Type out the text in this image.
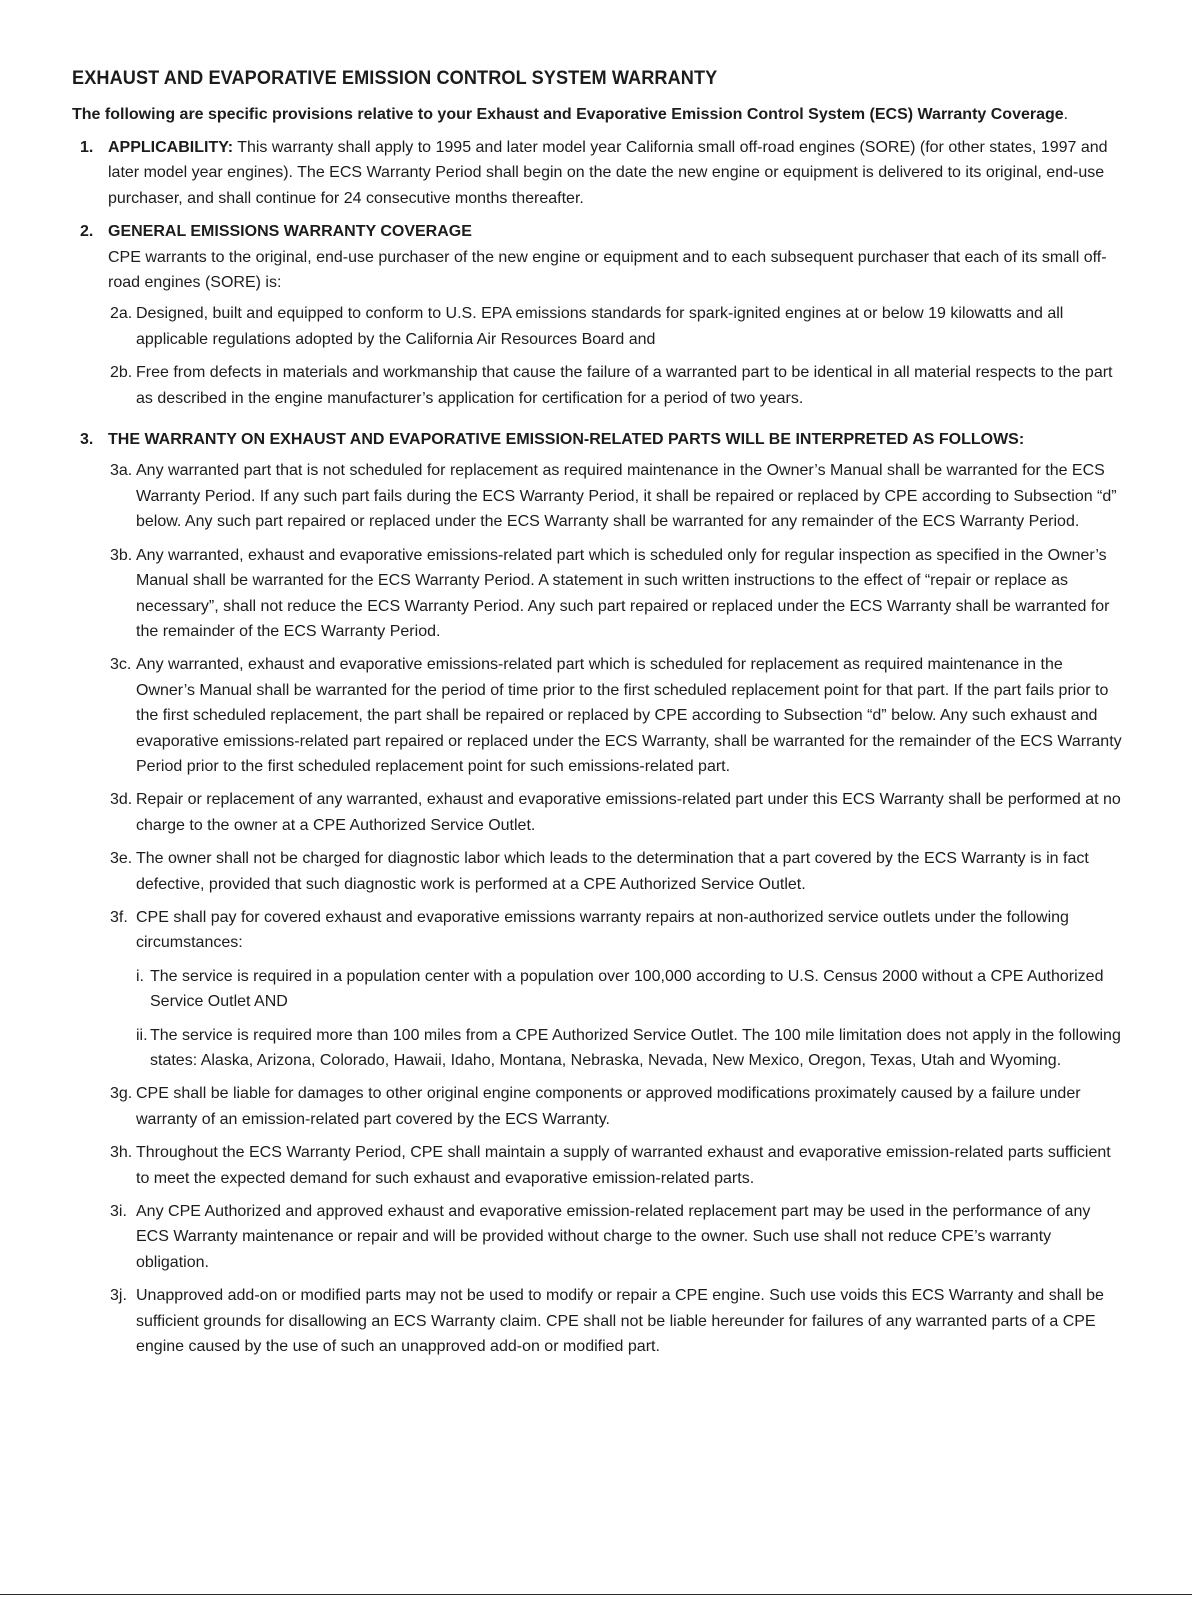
EXHAUST AND EVAPORATIVE EMISSION CONTROL SYSTEM WARRANTY
The following are specific provisions relative to your Exhaust and Evaporative Emission Control System (ECS) Warranty Coverage.
1. APPLICABILITY: This warranty shall apply to 1995 and later model year California small off-road engines (SORE) (for other states, 1997 and later model year engines). The ECS Warranty Period shall begin on the date the new engine or equipment is delivered to its original, end-use purchaser, and shall continue for 24 consecutive months thereafter.
2. GENERAL EMISSIONS WARRANTY COVERAGE
CPE warrants to the original, end-use purchaser of the new engine or equipment and to each subsequent purchaser that each of its small off-road engines (SORE) is:
2a. Designed, built and equipped to conform to U.S. EPA emissions standards for spark-ignited engines at or below 19 kilowatts and all applicable regulations adopted by the California Air Resources Board and
2b. Free from defects in materials and workmanship that cause the failure of a warranted part to be identical in all material respects to the part as described in the engine manufacturer’s application for certification for a period of two years.
3. THE WARRANTY ON EXHAUST AND EVAPORATIVE EMISSION-RELATED PARTS WILL BE INTERPRETED AS FOLLOWS:
3a. Any warranted part that is not scheduled for replacement as required maintenance in the Owner’s Manual shall be warranted for the ECS Warranty Period. If any such part fails during the ECS Warranty Period, it shall be repaired or replaced by CPE according to Subsection “d” below. Any such part repaired or replaced under the ECS Warranty shall be warranted for any remainder of the ECS Warranty Period.
3b. Any warranted, exhaust and evaporative emissions-related part which is scheduled only for regular inspection as specified in the Owner’s Manual shall be warranted for the ECS Warranty Period. A statement in such written instructions to the effect of “repair or replace as necessary”, shall not reduce the ECS Warranty Period. Any such part repaired or replaced under the ECS Warranty shall be warranted for the remainder of the ECS Warranty Period.
3c. Any warranted, exhaust and evaporative emissions-related part which is scheduled for replacement as required maintenance in the Owner’s Manual shall be warranted for the period of time prior to the first scheduled replacement point for that part. If the part fails prior to the first scheduled replacement, the part shall be repaired or replaced by CPE according to Subsection “d” below. Any such exhaust and evaporative emissions-related part repaired or replaced under the ECS Warranty, shall be warranted for the remainder of the ECS Warranty Period prior to the first scheduled replacement point for such emissions-related part.
3d. Repair or replacement of any warranted, exhaust and evaporative emissions-related part under this ECS Warranty shall be performed at no charge to the owner at a CPE Authorized Service Outlet.
3e. The owner shall not be charged for diagnostic labor which leads to the determination that a part covered by the ECS Warranty is in fact defective, provided that such diagnostic work is performed at a CPE Authorized Service Outlet.
3f. CPE shall pay for covered exhaust and evaporative emissions warranty repairs at non-authorized service outlets under the following circumstances:
i. The service is required in a population center with a population over 100,000 according to U.S. Census 2000 without a CPE Authorized Service Outlet AND
ii. The service is required more than 100 miles from a CPE Authorized Service Outlet. The 100 mile limitation does not apply in the following states: Alaska, Arizona, Colorado, Hawaii, Idaho, Montana, Nebraska, Nevada, New Mexico, Oregon, Texas, Utah and Wyoming.
3g. CPE shall be liable for damages to other original engine components or approved modifications proximately caused by a failure under warranty of an emission-related part covered by the ECS Warranty.
3h. Throughout the ECS Warranty Period, CPE shall maintain a supply of warranted exhaust and evaporative emission-related parts sufficient to meet the expected demand for such exhaust and evaporative emission-related parts.
3i. Any CPE Authorized and approved exhaust and evaporative emission-related replacement part may be used in the performance of any ECS Warranty maintenance or repair and will be provided without charge to the owner. Such use shall not reduce CPE’s warranty obligation.
3j. Unapproved add-on or modified parts may not be used to modify or repair a CPE engine. Such use voids this ECS Warranty and shall be sufficient grounds for disallowing an ECS Warranty claim. CPE shall not be liable hereunder for failures of any warranted parts of a CPE engine caused by the use of such an unapproved add-on or modified part.
